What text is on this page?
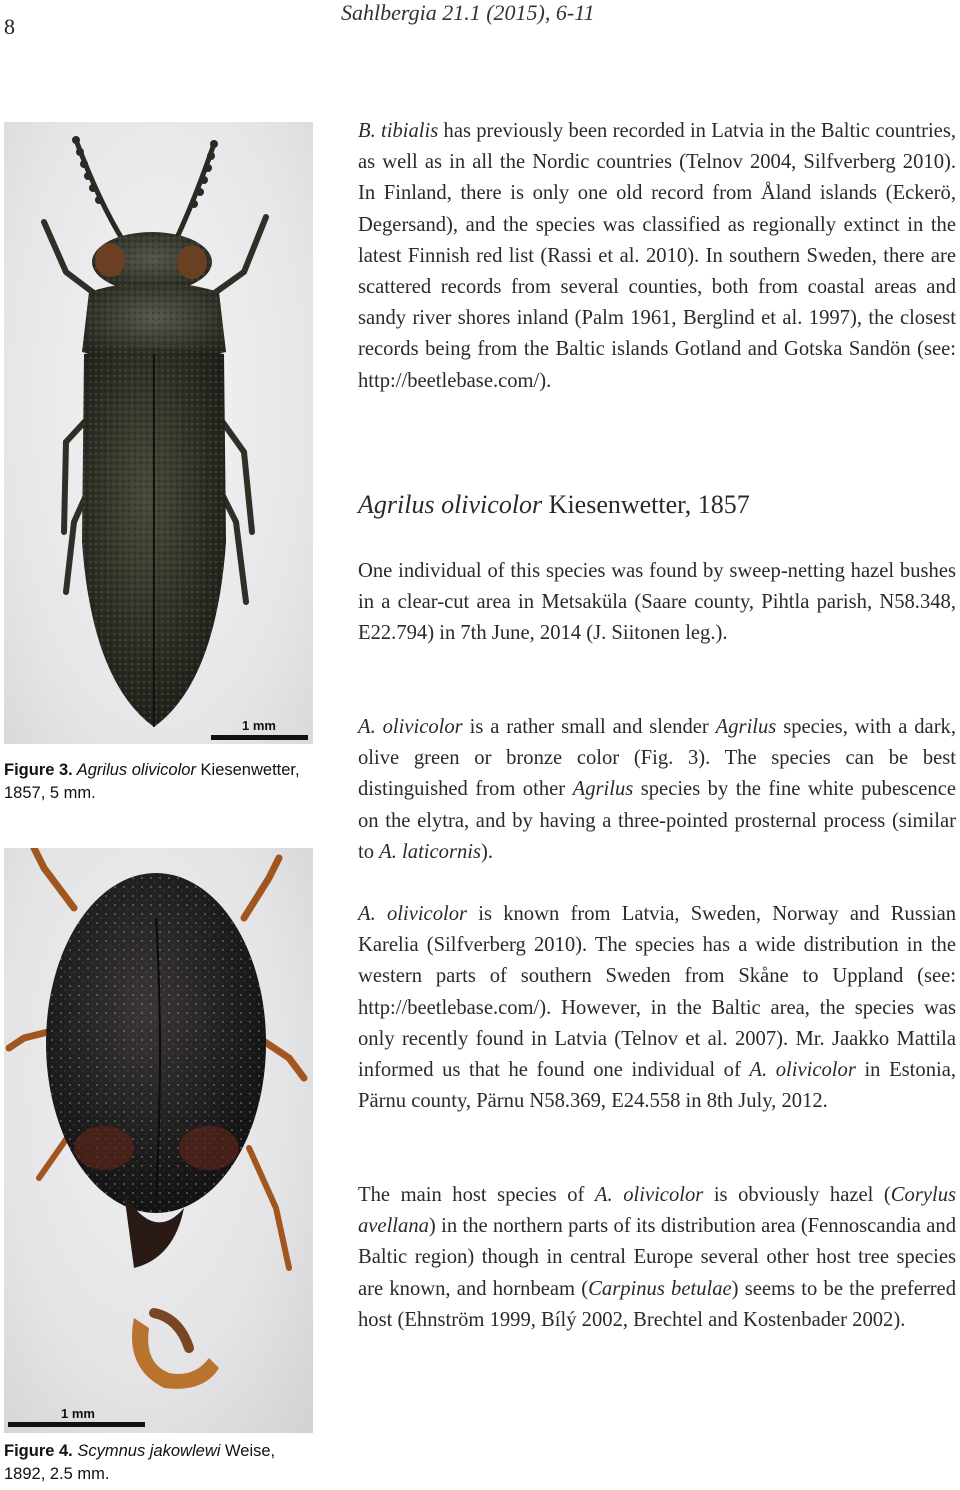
8
Sahlbergia 21.1 (2015), 6-11

B. tibialis has previously been recorded in Latvia in the Baltic countries, as well as in all the Nordic countries (Telnov 2004, Silfverberg 2010). In Finland, there is only one old record from Åland islands (Eckerö, Degersand), and the species was classified as regionally extinct in the latest Finnish red list (Rassi et al. 2010). In southern Sweden, there are scattered records from several counties, both from coastal areas and sandy river shores inland (Palm 1961, Berglind et al. 1997), the closest records being from the Baltic islands Gotland and Gotska Sandön (see: http://beetlebase.com/).

Agrilus olivicolor Kiesenwetter, 1857

One individual of this species was found by sweep-netting hazel bushes in a clear-cut area in Metsaküla (Saare county, Pihtla parish, N58.348, E22.794) in 7th June, 2014 (J. Siitonen leg.).

A. olivicolor is a rather small and slender Agrilus species, with a dark, olive green or bronze color (Fig. 3). The species can be best distinguished from other Agrilus species by the fine white pubescence on the elytra, and by having a three-pointed prosternal process (similar to A. laticornis).

A. olivicolor is known from Latvia, Sweden, Norway and Russian Karelia (Silfverberg 2010). The species has a wide distribution in the western parts of southern Sweden from Skåne to Uppland (see: http://beetlebase.com/). However, in the Baltic area, the species was only recently found in Latvia (Telnov et al. 2007). Mr. Jaakko Mattila informed us that he found one individual of A. olivicolor in Estonia, Pärnu county, Pärnu N58.369, E24.558 in 8th July, 2012.

The main host species of A. olivicolor is obviously hazel (Corylus avellana) in the northern parts of its distribution area (Fennoscandia and Baltic region) though in central Europe several other host tree species are known, and hornbeam (Carpinus betulae) seems to be the preferred host (Ehnström 1999, Bílý 2002, Brechtel and Kostenbader 2002).

1 mm
Figure 3. Agrilus olivicolor Kiesenwetter, 1857, 5 mm.
1 mm
Figure 4. Scymnus jakowlewi Weise, 1892, 2.5 mm.
